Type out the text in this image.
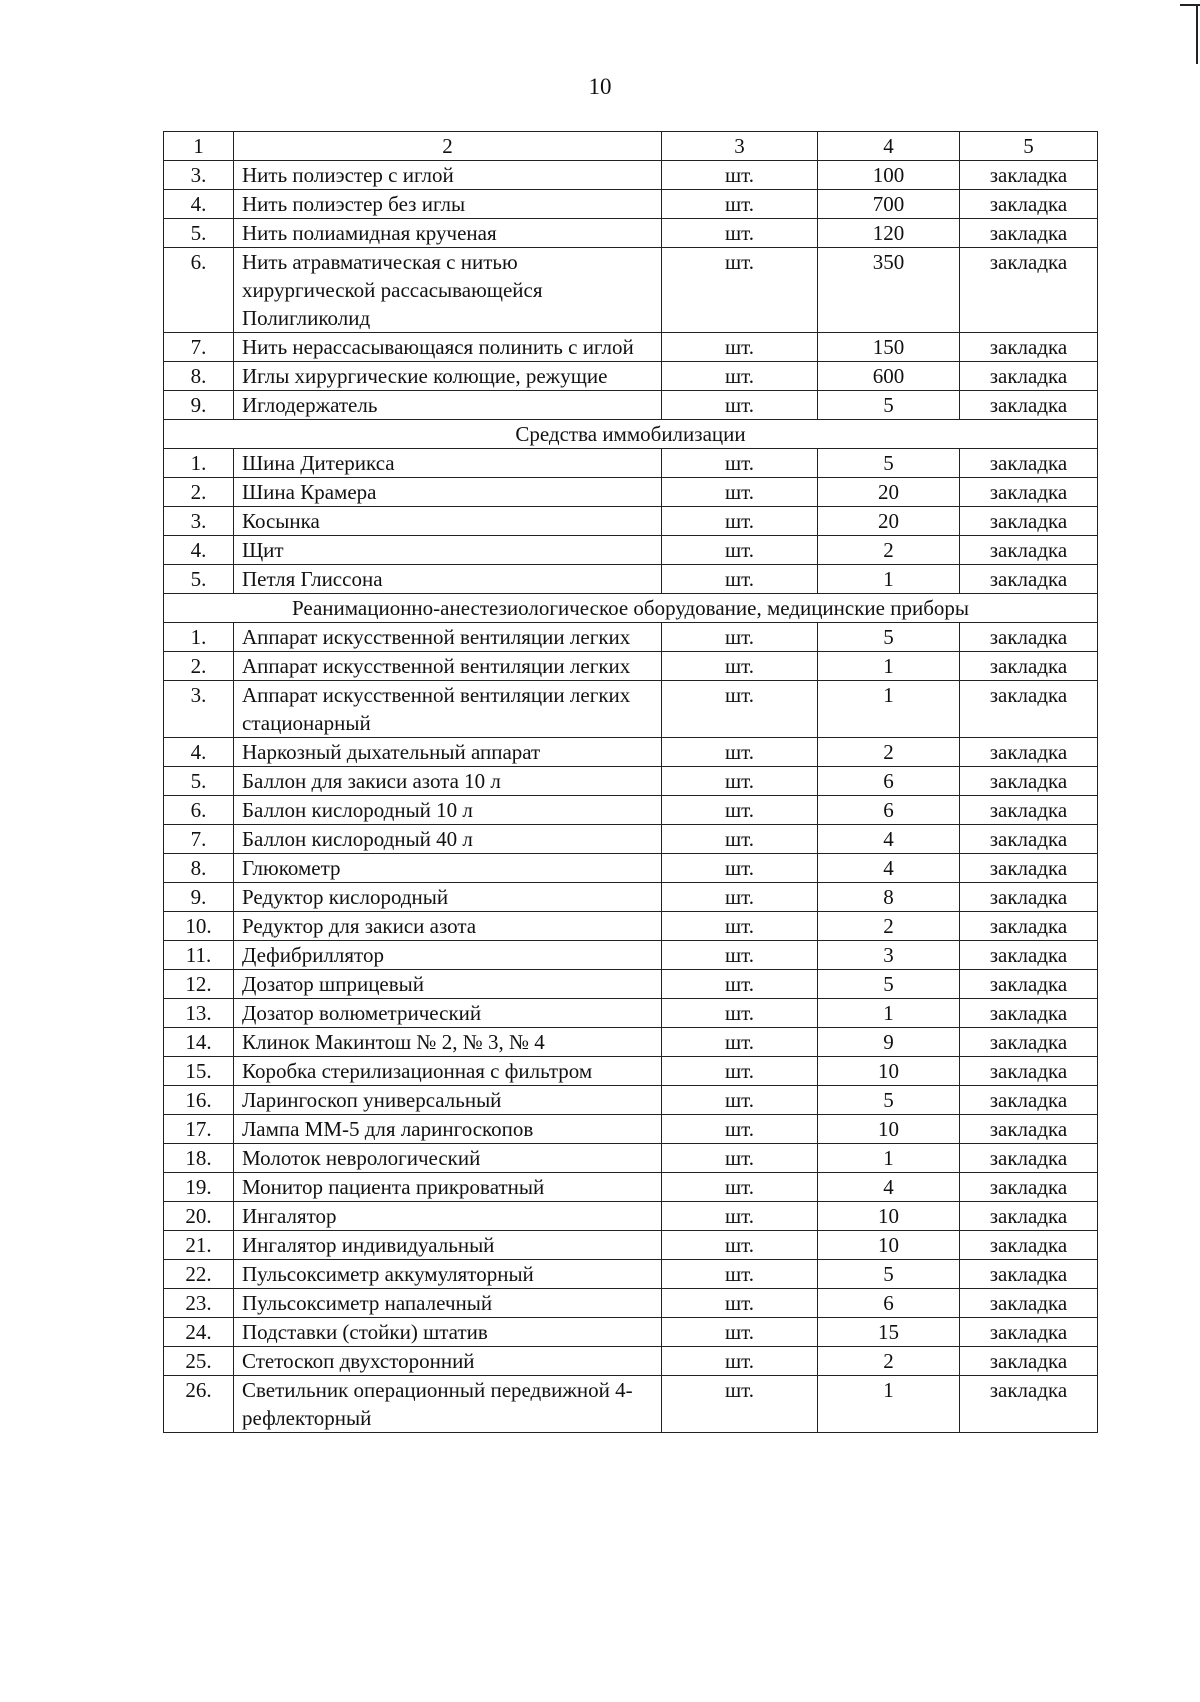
10
1	2	3	4	5
3.	Нить полиэстер с иглой	шт.	100	закладка
4.	Нить полиэстер без иглы	шт.	700	закладка
5.	Нить полиамидная крученая	шт.	120	закладка
6.	Нить атравматическая с нитью хирургической рассасывающейся Полигликолид	шт.	350	закладка
7.	Нить нерассасывающаяся полинить с иглой	шт.	150	закладка
8.	Иглы хирургические колющие, режущие	шт.	600	закладка
9.	Иглодержатель	шт.	5	закладка
Средства иммобилизации				
1.	Шина Дитерикса	шт.	5	закладка
2.	Шина Крамера	шт.	20	закладка
3.	Косынка	шт.	20	закладка
4.	Щит	шт.	2	закладка
5.	Петля Глиссона	шт.	1	закладка
Реанимационно-анестезиологическое оборудование, медицинские приборы				
1.	Аппарат искусственной вентиляции легких	шт.	5	закладка
2.	Аппарат искусственной вентиляции легких	шт.	1	закладка
3.	Аппарат искусственной вентиляции легких стационарный	шт.	1	закладка
4.	Наркозный дыхательный аппарат	шт.	2	закладка
5.	Баллон для закиси азота 10 л	шт.	6	закладка
6.	Баллон кислородный 10 л	шт.	6	закладка
7.	Баллон кислородный 40 л	шт.	4	закладка
8.	Глюкометр	шт.	4	закладка
9.	Редуктор кислородный	шт.	8	закладка
10.	Редуктор для закиси азота	шт.	2	закладка
11.	Дефибриллятор	шт.	3	закладка
12.	Дозатор шприцевый	шт.	5	закладка
13.	Дозатор волюметрический	шт.	1	закладка
14.	Клинок Макинтош № 2, № 3, № 4	шт.	9	закладка
15.	Коробка стерилизационная с фильтром	шт.	10	закладка
16.	Ларингоскоп универсальный	шт.	5	закладка
17.	Лампа ММ-5 для ларингоскопов	шт.	10	закладка
18.	Молоток неврологический	шт.	1	закладка
19.	Монитор пациента прикроватный	шт.	4	закладка
20.	Ингалятор	шт.	10	закладка
21.	Ингалятор индивидуальный	шт.	10	закладка
22.	Пульсоксиметр аккумуляторный	шт.	5	закладка
23.	Пульсоксиметр напалечный	шт.	6	закладка
24.	Подставки (стойки) штатив	шт.	15	закладка
25.	Стетоскоп двухсторонний	шт.	2	закладка
26.	Светильник операционный передвижной 4-рефлекторный	шт.	1	закладка
